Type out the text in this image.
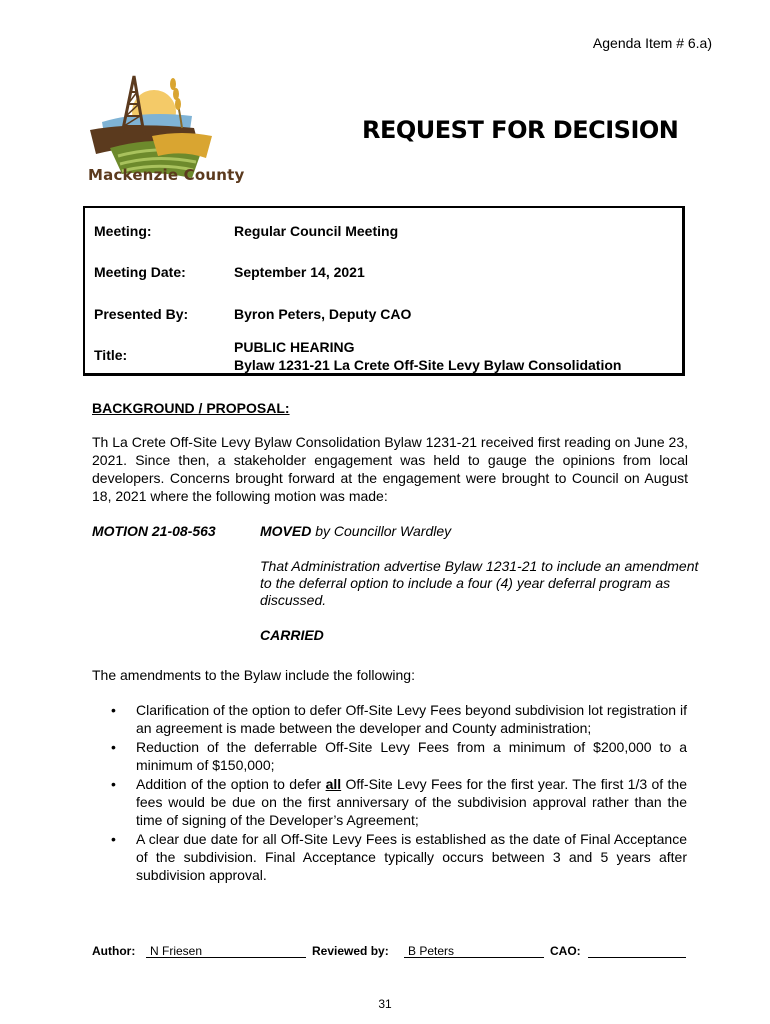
Agenda Item # 6.a)
Mackenzie County
REQUEST FOR DECISION
Meeting:	Regular Council Meeting
Meeting Date:	September 14, 2021
Presented By:	Byron Peters, Deputy CAO
Title:	PUBLIC HEARING
Bylaw 1231-21 La Crete Off-Site Levy Bylaw Consolidation
BACKGROUND / PROPOSAL:
Th La Crete Off-Site Levy Bylaw Consolidation Bylaw 1231-21 received first reading on June 23, 2021. Since then, a stakeholder engagement was held to gauge the opinions from local developers. Concerns brought forward at the engagement were brought to Council on August 18, 2021 where the following motion was made:
MOTION 21-08-563	MOVED by Councillor Wardley

That Administration advertise Bylaw 1231-21 to include an amendment to the deferral option to include a four (4) year deferral program as discussed.

CARRIED

The amendments to the Bylaw include the following:
• Clarification of the option to defer Off-Site Levy Fees beyond subdivision lot registration if an agreement is made between the developer and County administration;
• Reduction of the deferrable Off-Site Levy Fees from a minimum of $200,000 to a minimum of $150,000;
• Addition of the option to defer all Off-Site Levy Fees for the first year. The first 1/3 of the fees would be due on the first anniversary of the subdivision approval rather than the time of signing of the Developer’s Agreement;
• A clear due date for all Off-Site Levy Fees is established as the date of Final Acceptance of the subdivision. Final Acceptance typically occurs between 3 and 5 years after subdivision approval.
Author:	N Friesen	Reviewed by:	B Peters	CAO:
31
